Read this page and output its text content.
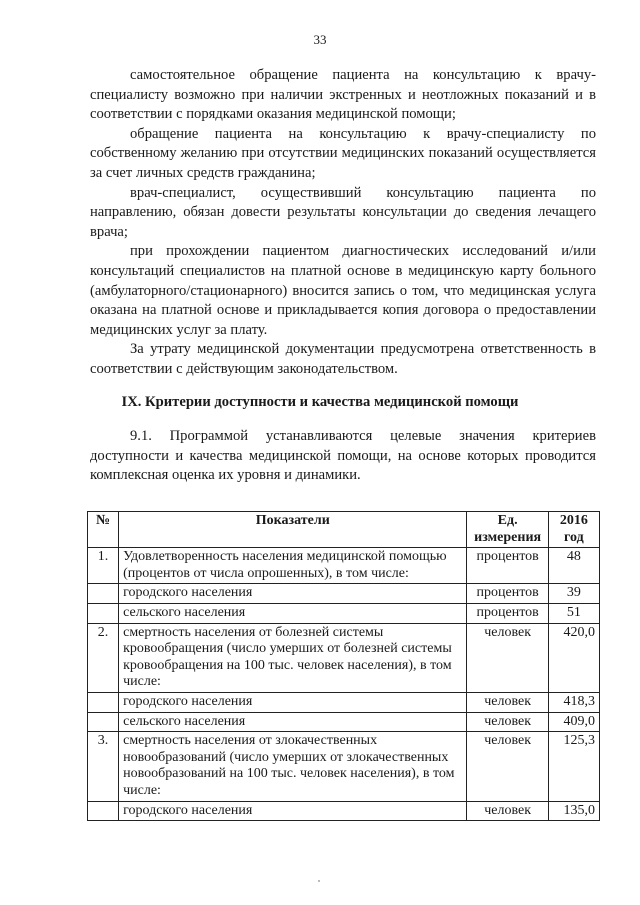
33

самостоятельное обращение пациента на консультацию к врачу-специалисту возможно при наличии экстренных и неотложных показаний и в соответствии с порядками оказания медицинской помощи;

обращение пациента на консультацию к врачу-специалисту по собственному желанию при отсутствии медицинских показаний осуществляется за счет личных средств гражданина;

врач-специалист, осуществивший консультацию пациента по направлению, обязан довести результаты консультации до сведения лечащего врача;

при прохождении пациентом диагностических исследований и/или консультаций специалистов на платной основе в медицинскую карту больного (амбулаторного/стационарного) вносится запись о том, что медицинская услуга оказана на платной основе и прикладывается копия договора о предоставлении медицинских услуг за плату.

За утрату медицинской документации предусмотрена ответственность в соответствии с действующим законодательством.

IX. Критерии доступности и качества медицинской помощи

9.1. Программой устанавливаются целевые значения критериев доступности и качества медицинской помощи, на основе которых проводится комплексная оценка их уровня и динамики.

№	Показатели	Ед. измерения	2016 год
1.	Удовлетворенность населения медицинской помощью (процентов от числа опрошенных), в том числе:	процентов	48
	городского населения	процентов	39
	сельского населения	процентов	51
2.	смертность населения от болезней системы кровообращения (число умерших от болезней системы кровообращения на 100 тыс. человек населения), в том числе:	человек	420,0
	городского населения	человек	418,3
	сельского населения	человек	409,0
3.	смертность населения от злокачественных новообразований (число умерших от злокачественных новообразований на 100 тыс. человек населения), в том числе:	человек	125,3
	городского населения	человек	135,0
